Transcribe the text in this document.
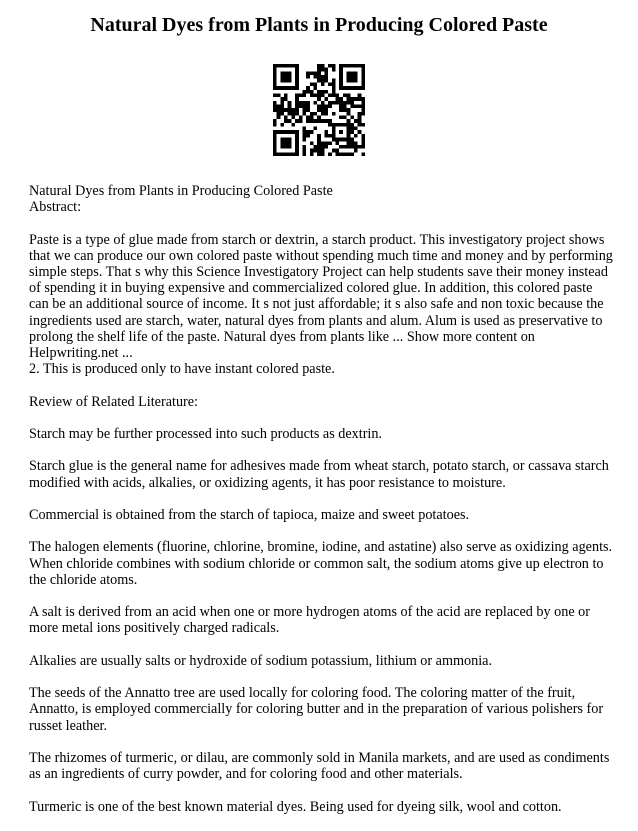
Natural Dyes from Plants in Producing Colored Paste

Natural Dyes from Plants in Producing Colored Paste

Abstract:

Paste is a type of glue made from starch or dextrin, a starch product. This investigatory project shows that we can produce our own colored paste without spending much time and money and by performing simple steps. That s why this Science Investigatory Project can help students save their money instead of spending it in buying expensive and commercialized colored glue. In addition, this colored paste can be an additional source of income. It s not just affordable; it s also safe and non toxic because the ingredients used are starch, water, natural dyes from plants and alum. Alum is used as preservative to prolong the shelf life of the paste. Natural dyes from plants like ... Show more content on Helpwriting.net ...

2. This is produced only to have instant colored paste.

Review of Related Literature:

Starch may be further processed into such products as dextrin.

Starch glue is the general name for adhesives made from wheat starch, potato starch, or cassava starch modified with acids, alkalies, or oxidizing agents, it has poor resistance to moisture.

Commercial is obtained from the starch of tapioca, maize and sweet potatoes.

The halogen elements (fluorine, chlorine, bromine, iodine, and astatine) also serve as oxidizing agents. When chloride combines with sodium chloride or common salt, the sodium atoms give up electron to the chloride atoms.

A salt is derived from an acid when one or more hydrogen atoms of the acid are replaced by one or more metal ions positively charged radicals.

Alkalies are usually salts or hydroxide of sodium potassium, lithium or ammonia.

The seeds of the Annatto tree are used locally for coloring food. The coloring matter of the fruit, Annatto, is employed commercially for coloring butter and in the preparation of various polishers for russet leather.

The rhizomes of turmeric, or dilau, are commonly sold in Manila markets, and are used as condiments as an ingredients of curry powder, and for coloring food and other materials.

Turmeric is one of the best known material dyes. Being used for dyeing silk, wool and cotton.
